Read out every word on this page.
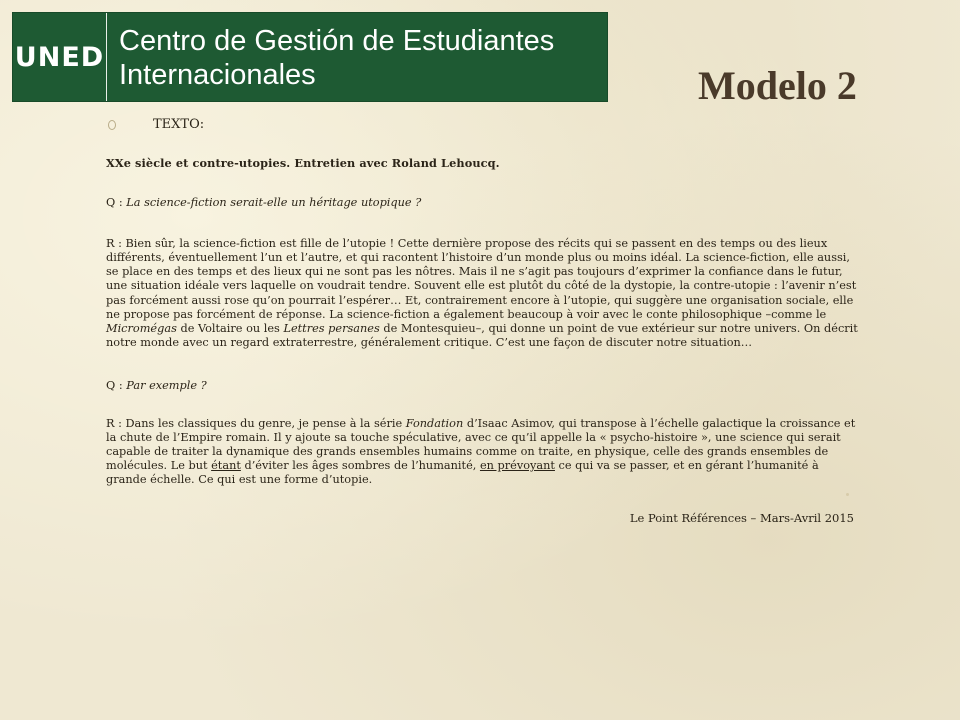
UNED Centro de Gestión de Estudiantes
Internacionales	Modelo 2
TEXTO:

XXe siècle et contre-utopies. Entretien avec Roland Lehoucq.

Q : La science-fiction serait-elle un héritage utopique ?

R : Bien sûr, la science-fiction est fille de l’utopie ! Cette dernière propose des récits qui se passent en des temps ou des lieux différents, éventuellement l’un et l’autre, et qui racontent l’histoire d’un monde plus ou moins idéal. La science-fiction, elle aussi, se place en des temps et des lieux qui ne sont pas les nôtres. Mais il ne s’agit pas toujours d’exprimer la confiance dans le futur, une situation idéale vers laquelle on voudrait tendre. Souvent elle est plutôt du côté de la dystopie, la contre-utopie : l’avenir n’est pas forcément aussi rose qu’on pourrait l’espérer… Et, contrairement encore à l’utopie, qui suggère une organisation sociale, elle ne propose pas forcément de réponse. La science-fiction a également beaucoup à voir avec le conte philosophique –comme le Micromégas de Voltaire ou les Lettres persanes de Montesquieu–, qui donne un point de vue extérieur sur notre univers. On décrit notre monde avec un regard extraterrestre, généralement critique. C’est une façon de discuter notre situation…

Q : Par exemple ?

R : Dans les classiques du genre, je pense à la série Fondation d’Isaac Asimov, qui transpose à l’échelle galactique la croissance et la chute de l’Empire romain. Il y ajoute sa touche spéculative, avec ce qu’il appelle la « psycho-histoire », une science qui serait capable de traiter la dynamique des grands ensembles humains comme on traite, en physique, celle des grands ensembles de molécules. Le but étant d’éviter les âges sombres de l’humanité, en prévoyant ce qui va se passer, et en gérant l’humanité à grande échelle. Ce qui est une forme d’utopie.

Le Point Références – Mars-Avril 2015
